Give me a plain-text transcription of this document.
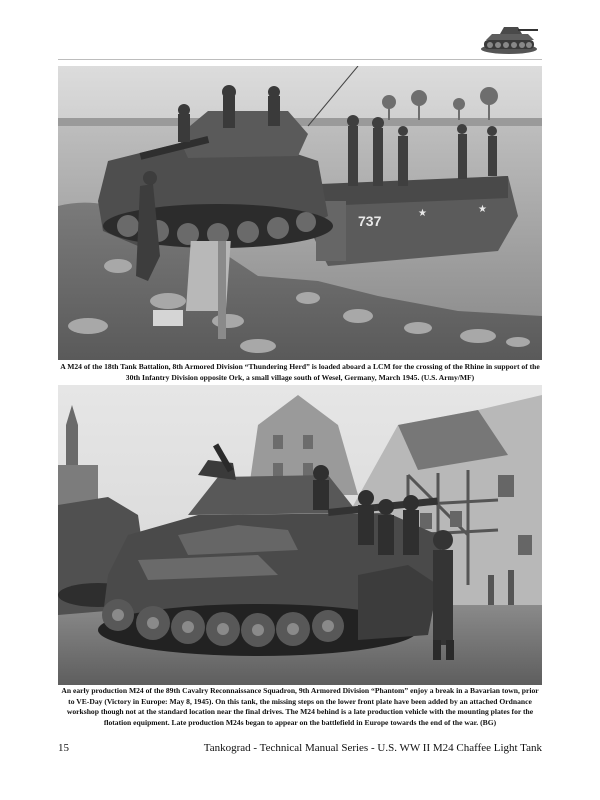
737	★	★
A M24 of the 18th Tank Battalion, 8th Armored Division “Thundering Herd” is loaded aboard a LCM for the crossing of the Rhine in support of the 30th Infantry Division opposite Ork, a small village south of Wesel, Germany, March 1945. (U.S. Army/MF)
An early production M24 of the 89th Cavalry Reconnaissance Squadron, 9th Armored Division “Phantom” enjoy a break in a Bavarian town, prior to VE-Day (Victory in Europe: May 8, 1945). On this tank, the missing steps on the lower front plate have been added by an attached Ordnance workshop though not at the standard location near the final drives. The M24 behind is a late production vehicle with the mounting plates for the flotation equipment. Late production M24s began to appear on the battlefield in Europe towards the end of the war. (BG)
15	Tankograd - Technical Manual Series - U.S. WW II M24 Chaffee Light Tank
